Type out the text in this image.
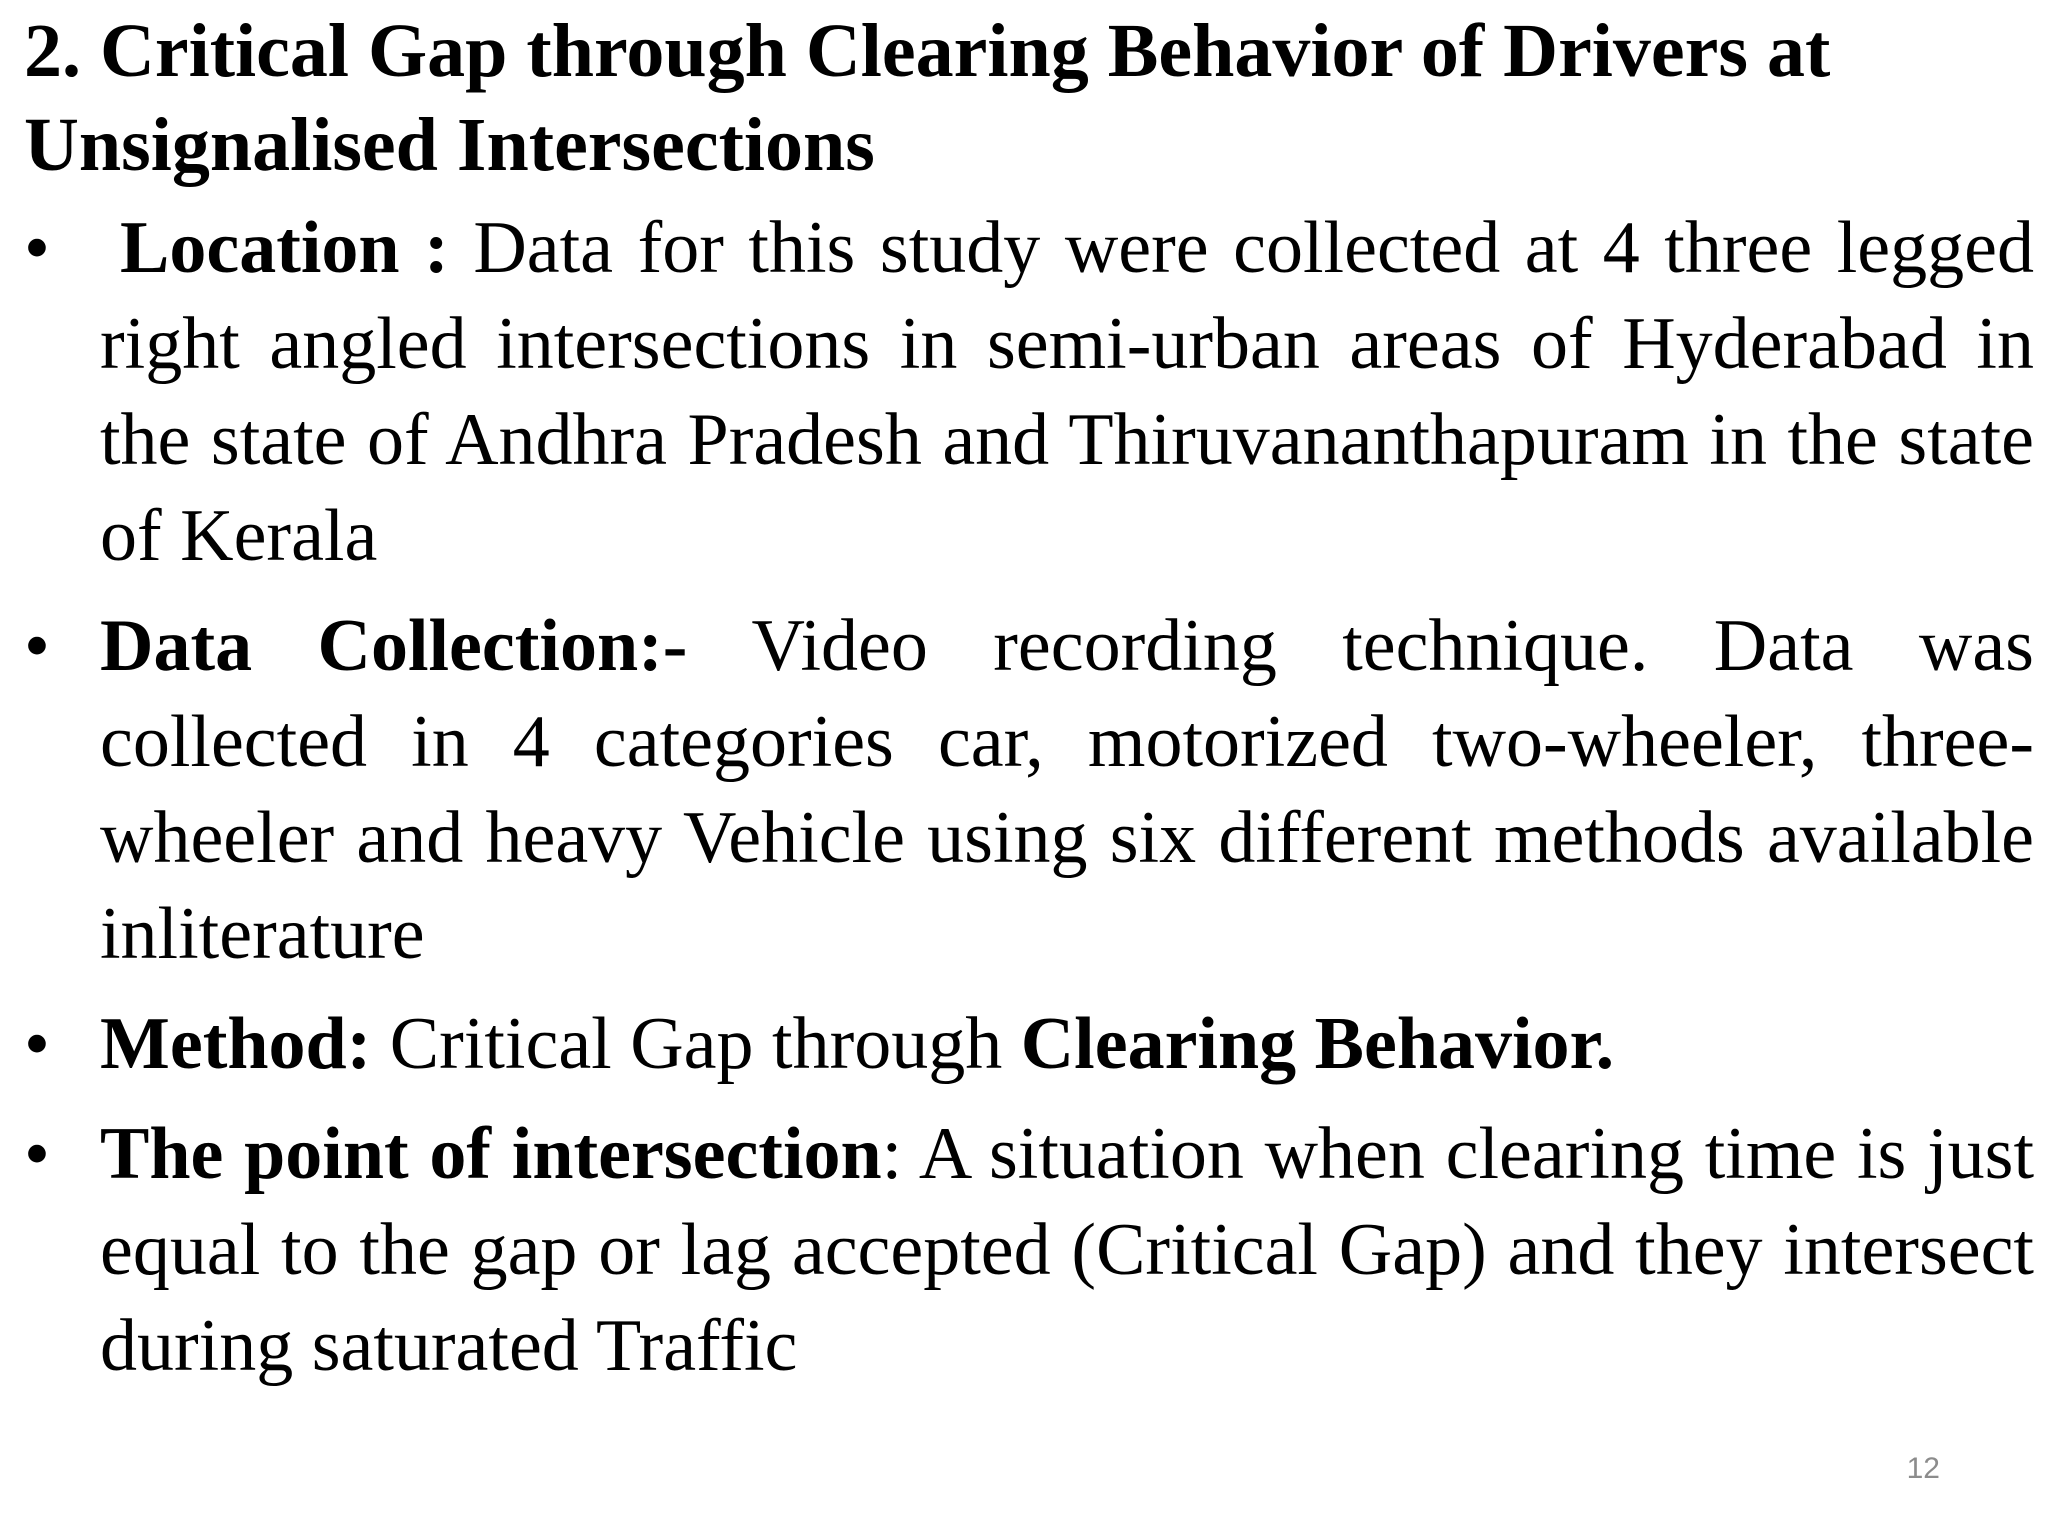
2. Critical Gap through Clearing Behavior of Drivers at Unsignalised Intersections
• Location : Data for this study were collected at 4 three legged right angled intersections in semi-urban areas of Hyderabad in the state of Andhra Pradesh and Thiruvananthapuram in the state of Kerala
• Data Collection:- Video recording technique. Data was collected in 4 categories car, motorized two-wheeler, three-wheeler and heavy Vehicle using six different methods available inliterature
• Method: Critical Gap through Clearing Behavior.
• The point of intersection: A situation when clearing time is just equal to the gap or lag accepted (Critical Gap) and they intersect during saturated Traffic
12
